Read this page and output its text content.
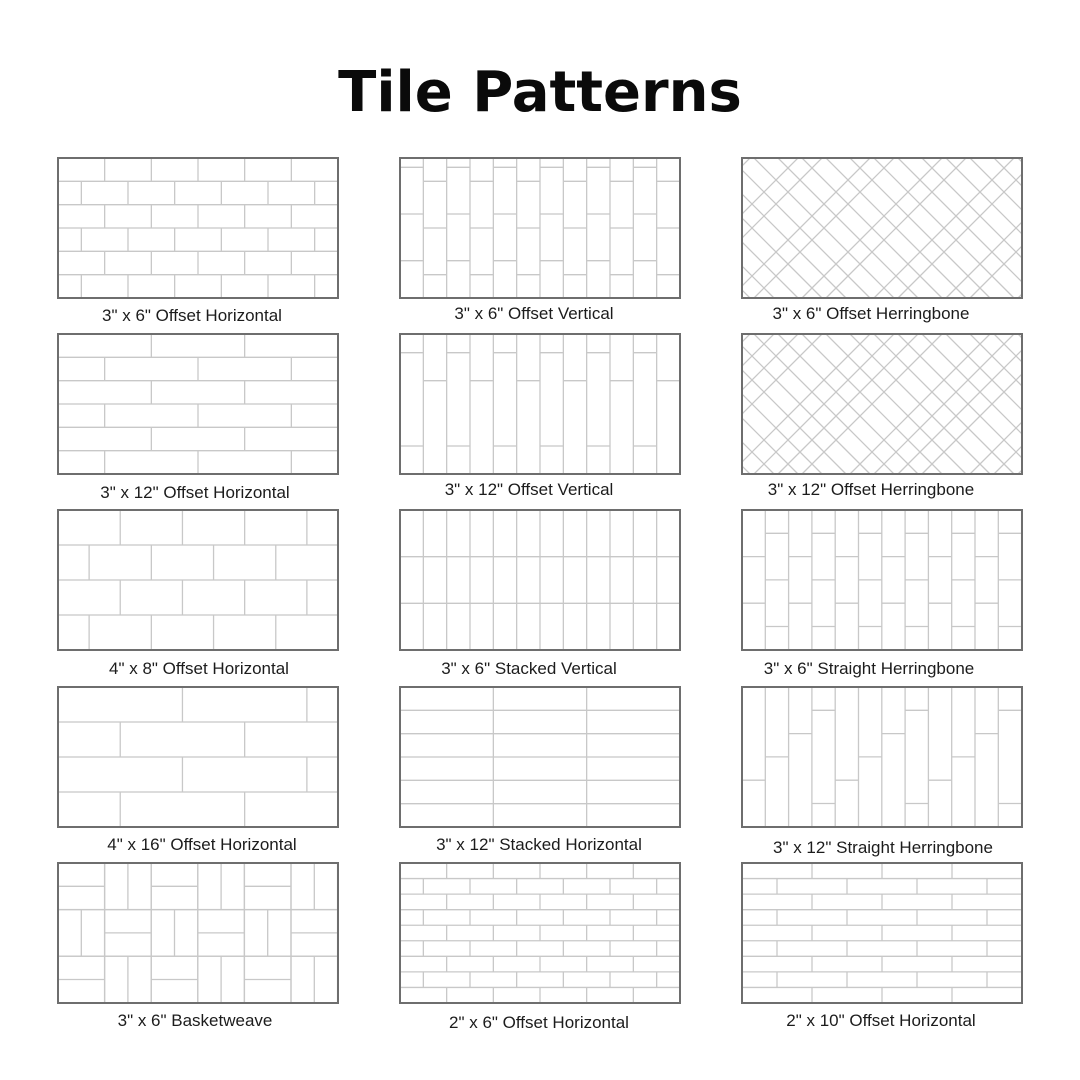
Tile Patterns
3" x 6" Offset Horizontal	3" x 6" Offset Vertical	3" x 6" Offset Herringbone
3" x 12" Offset Horizontal	3" x 12" Offset Vertical	3" x 12" Offset Herringbone
4" x 8" Offset Horizontal	3" x 6" Stacked Vertical	3" x 6" Straight Herringbone
4" x 16" Offset Horizontal	3" x 12" Stacked Horizontal	3" x 12" Straight Herringbone
3" x 6" Basketweave	2" x 6" Offset Horizontal	2" x 10" Offset Horizontal
